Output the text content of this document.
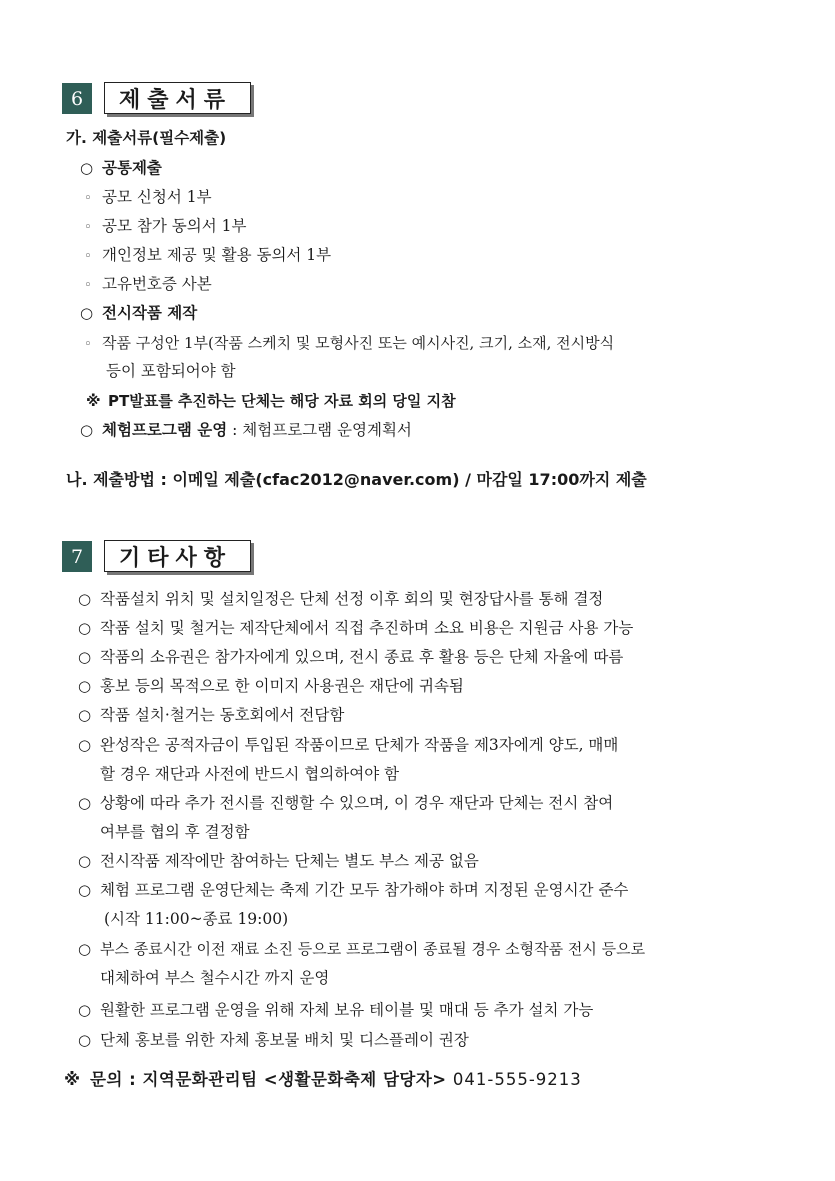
6	제출서류
가. 제출서류(필수제출)
○ 공통제출
◦ 공모 신청서 1부
◦ 공모 참가 동의서 1부
◦ 개인정보 제공 및 활용 동의서 1부
◦ 고유번호증 사본
○ 전시작품 제작
◦ 작품 구성안 1부(작품 스케치 및 모형사진 또는 예시사진, 크기, 소재, 전시방식
등이 포함되어야 함
※ PT발표를 추진하는 단체는 해당 자료 회의 당일 지참
○ 체험프로그램 운영 : 체험프로그램 운영계획서
나. 제출방법 : 이메일 제출(cfac2012@naver.com) / 마감일 17:00까지 제출
7	기타사항
○ 작품설치 위치 및 설치일정은 단체 선정 이후 회의 및 현장답사를 통해 결정
○ 작품 설치 및 철거는 제작단체에서 직접 추진하며 소요 비용은 지원금 사용 가능
○ 작품의 소유권은 참가자에게 있으며, 전시 종료 후 활용 등은 단체 자율에 따름
○ 홍보 등의 목적으로 한 이미지 사용권은 재단에 귀속됨
○ 작품 설치·철거는 동호회에서 전담함
○ 완성작은 공적자금이 투입된 작품이므로 단체가 작품을 제3자에게 양도, 매매
할 경우 재단과 사전에 반드시 협의하여야 함
○ 상황에 따라 추가 전시를 진행할 수 있으며, 이 경우 재단과 단체는 전시 참여
여부를 협의 후 결정함
○ 전시작품 제작에만 참여하는 단체는 별도 부스 제공 없음
○ 체험 프로그램 운영단체는 축제 기간 모두 참가해야 하며 지정된 운영시간 준수
(시작 11:00~종료 19:00)
○ 부스 종료시간 이전 재료 소진 등으로 프로그램이 종료될 경우 소형작품 전시 등으로
대체하여 부스 철수시간 까지 운영
○ 원활한 프로그램 운영을 위해 자체 보유 테이블 및 매대 등 추가 설치 가능
○ 단체 홍보를 위한 자체 홍보물 배치 및 디스플레이 권장
※ 문의 : 지역문화관리팀 <생활문화축제 담당자> 041-555-9213
